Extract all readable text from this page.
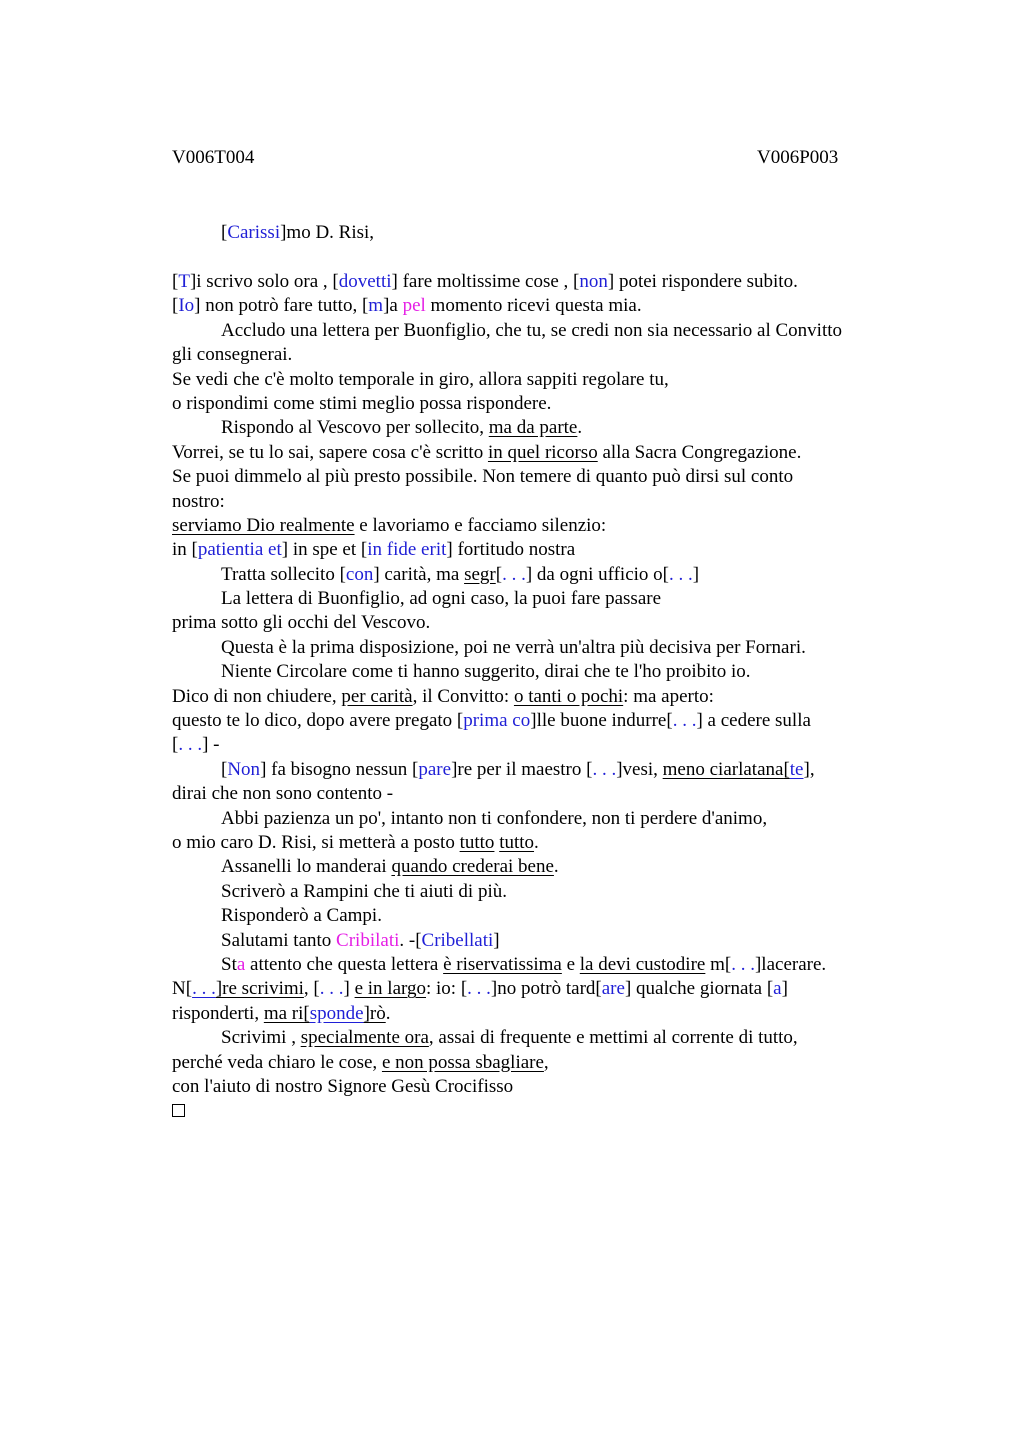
V006T004	V006P003
[Carissi]mo D. Risi,
[T]i scrivo solo ora , [dovetti] fare moltissime cose , [non] potei rispondere subito.
[Io] non potrò fare tutto, [m]a pel momento ricevi questa mia.
Accludo una lettera per Buonfiglio, che tu, se credi non sia necessario al Convitto
gli consegnerai.
Se vedi che c'è molto temporale in giro, allora sappiti regolare tu,
o rispondimi come stimi meglio possa rispondere.
Rispondo al Vescovo per sollecito, ma da parte.
Vorrei, se tu lo sai, sapere cosa c'è scritto in quel ricorso alla Sacra Congregazione.
Se puoi dimmelo al più presto possibile. Non temere di quanto può dirsi sul conto
nostro:
serviamo Dio realmente e lavoriamo e facciamo silenzio:
in [patientia et] in spe et [in fide erit] fortitudo nostra
Tratta sollecito [con] carità, ma segr[. . .] da ogni ufficio o[. . .]
La lettera di Buonfiglio, ad ogni caso, la puoi fare passare
prima sotto gli occhi del Vescovo.
Questa è la prima disposizione, poi ne verrà un'altra più decisiva per Fornari.
Niente Circolare come ti hanno suggerito, dirai che te l'ho proibito io.
Dico di non chiudere, per carità, il Convitto: o tanti o pochi: ma aperto:
questo te lo dico, dopo avere pregato [prima co]lle buone indurre[. . .] a cedere sulla
[. . .] -
[Non] fa bisogno nessun [pare]re per il maestro [. . .]vesi, meno ciarlatana[te],
dirai che non sono contento -
Abbi pazienza un po', intanto non ti confondere, non ti perdere d'animo,
o mio caro D. Risi, si metterà a posto tutto tutto.
Assanelli lo manderai quando crederai bene.
Scriverò a Rampini che ti aiuti di più.
Risponderò a Campi.
Salutami tanto Cribilati. -[Cribellati]
Sta attento che questa lettera è riservatissima e la devi custodire m[. . .]lacerare.
N[. . .]re scrivimi, [. . .] e in largo: io: [. . .]no potrò tard[are] qualche giornata [a]
risponderti, ma ri[sponde]rò.
Scrivimi , specialmente ora, assai di frequente e mettimi al corrente di tutto,
perché veda chiaro le cose, e non possa sbagliare,
con l'aiuto di nostro Signore Gesù Crocifisso
